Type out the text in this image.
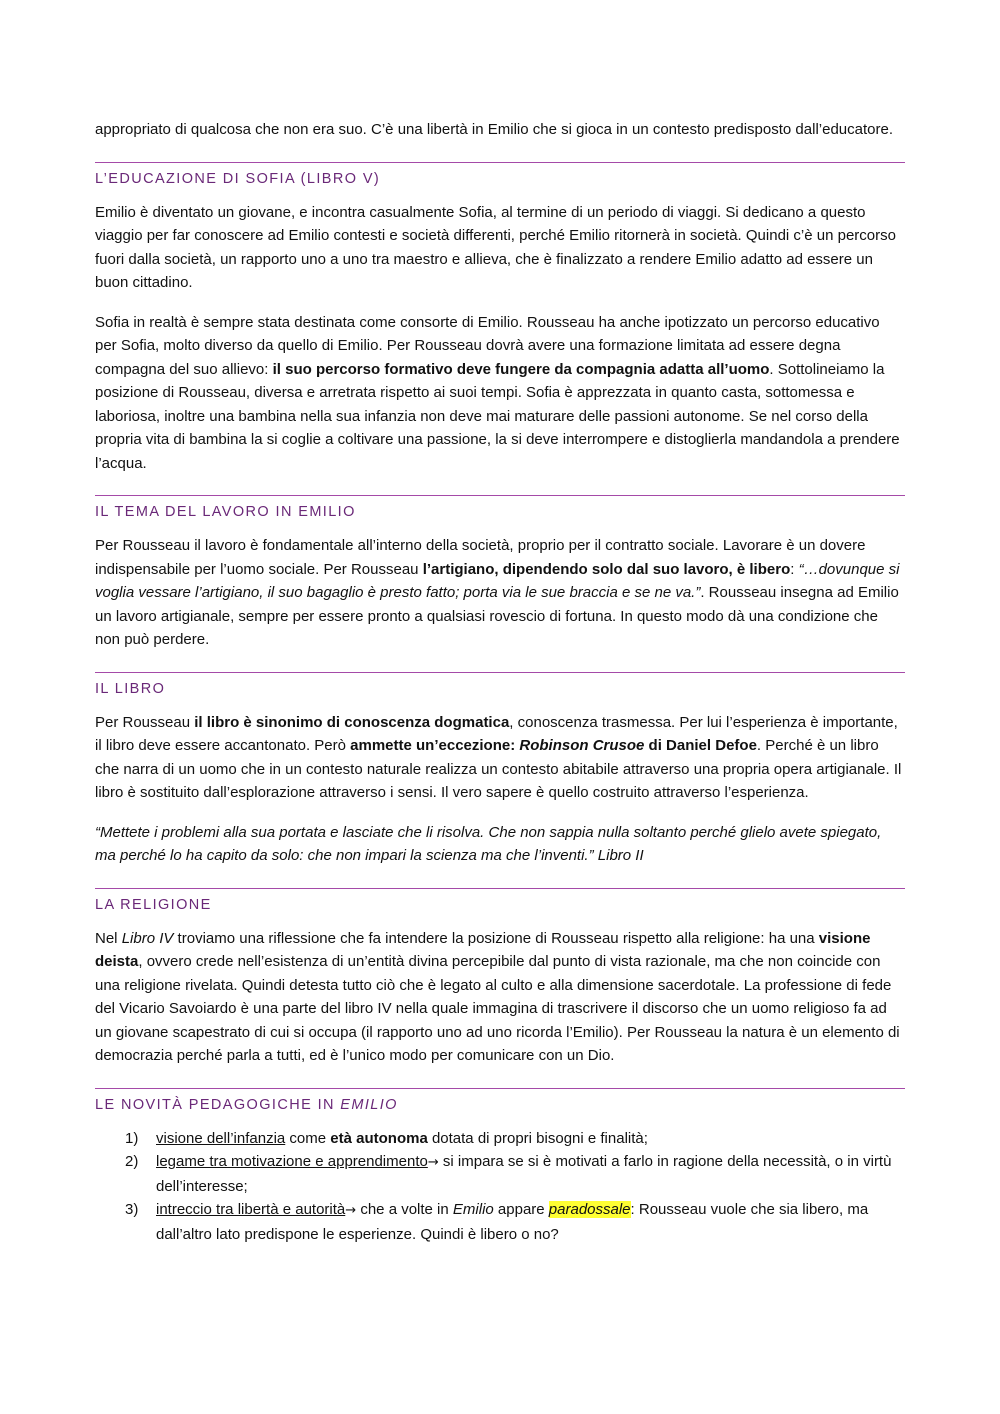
appropriato di qualcosa che non era suo. C’è una libertà in Emilio che si gioca in un contesto predisposto dall’educatore.

L’EDUCAZIONE DI SOFIA (LIBRO V)

Emilio è diventato un giovane, e incontra casualmente Sofia, al termine di un periodo di viaggi. Si dedicano a questo viaggio per far conoscere ad Emilio contesti e società differenti, perché Emilio ritornerà in società. Quindi c’è un percorso fuori dalla società, un rapporto uno a uno tra maestro e allieva, che è finalizzato a rendere Emilio adatto ad essere un buon cittadino.

Sofia in realtà è sempre stata destinata come consorte di Emilio. Rousseau ha anche ipotizzato un percorso educativo per Sofia, molto diverso da quello di Emilio. Per Rousseau dovrà avere una formazione limitata ad essere degna compagna del suo allievo: il suo percorso formativo deve fungere da compagnia adatta all’uomo. Sottolineiamo la posizione di Rousseau, diversa e arretrata rispetto ai suoi tempi. Sofia è apprezzata in quanto casta, sottomessa e laboriosa, inoltre una bambina nella sua infanzia non deve mai maturare delle passioni autonome. Se nel corso della propria vita di bambina la si coglie a coltivare una passione, la si deve interrompere e distoglierla mandandola a prendere l’acqua.

IL TEMA DEL LAVORO IN EMILIO

Per Rousseau il lavoro è fondamentale all’interno della società, proprio per il contratto sociale. Lavorare è un dovere indispensabile per l’uomo sociale. Per Rousseau l’artigiano, dipendendo solo dal suo lavoro, è libero: “…dovunque si voglia vessare l’artigiano, il suo bagaglio è presto fatto; porta via le sue braccia e se ne va.”. Rousseau insegna ad Emilio un lavoro artigianale, sempre per essere pronto a qualsiasi rovescio di fortuna. In questo modo dà una condizione che non può perdere.

IL LIBRO

Per Rousseau il libro è sinonimo di conoscenza dogmatica, conoscenza trasmessa. Per lui l’esperienza è importante, il libro deve essere accantonato. Però ammette un’eccezione: Robinson Crusoe di Daniel Defoe. Perché è un libro che narra di un uomo che in un contesto naturale realizza un contesto abitabile attraverso una propria opera artigianale. Il libro è sostituito dall’esplorazione attraverso i sensi. Il vero sapere è quello costruito attraverso l’esperienza.

“Mettete i problemi alla sua portata e lasciate che li risolva. Che non sappia nulla soltanto perché glielo avete spiegato, ma perché lo ha capito da solo: che non impari la scienza ma che l’inventi.” Libro II

LA RELIGIONE

Nel Libro IV troviamo una riflessione che fa intendere la posizione di Rousseau rispetto alla religione: ha una visione deista, ovvero crede nell’esistenza di un’entità divina percepibile dal punto di vista razionale, ma che non coincide con una religione rivelata. Quindi detesta tutto ciò che è legato al culto e alla dimensione sacerdotale. La professione di fede del Vicario Savoiardo è una parte del libro IV nella quale immagina di trascrivere il discorso che un uomo religioso fa ad un giovane scapestrato di cui si occupa (il rapporto uno ad uno ricorda l’Emilio). Per Rousseau la natura è un elemento di democrazia perché parla a tutti, ed è l’unico modo per comunicare con un Dio.

LE NOVITÀ PEDAGOGICHE IN EMILIO
1) visione dell’infanzia come età autonoma dotata di propri bisogni e finalità;
2) legame tra motivazione e apprendimento→ si impara se si è motivati a farlo in ragione della necessità, o in virtù dell’interesse;
3) intreccio tra libertà e autorità→ che a volte in Emilio appare paradossale: Rousseau vuole che sia libero, ma dall’altro lato predispone le esperienze. Quindi è libero o no?
